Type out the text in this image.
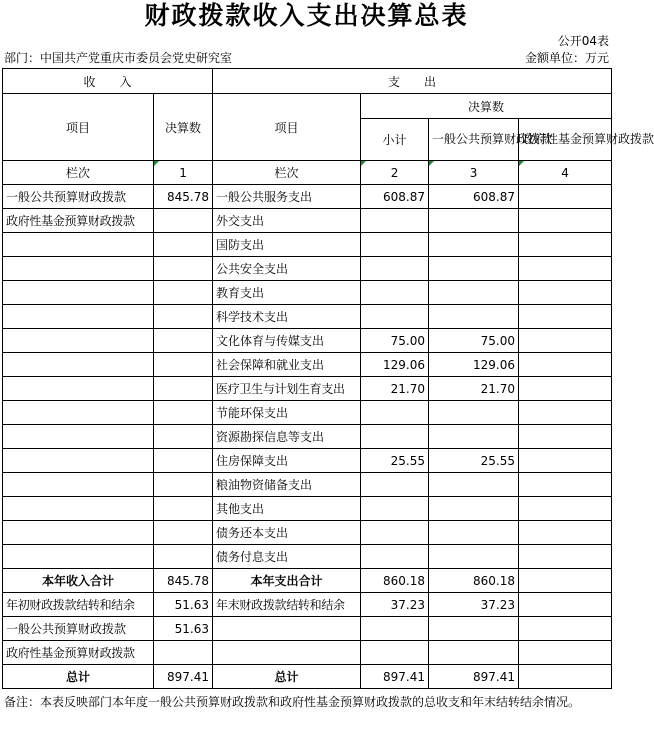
财政拨款收入支出决算总表
公开04表
部门：中国共产党重庆市委员会党史研究室	金额单位：万元
收　　入		支　　出			
项目	决算数	项目	决算数		
			小计	一般公共预算财政拨款	政府性基金预算财政拨款
栏次	1	栏次	2	3	4
一般公共预算财政拨款	845.78	一般公共服务支出	608.87	608.87	
政府性基金预算财政拨款		外交支出			
		国防支出			
		公共安全支出			
		教育支出			
		科学技术支出			
		文化体育与传媒支出	75.00	75.00	
		社会保障和就业支出	129.06	129.06	
		医疗卫生与计划生育支出	21.70	21.70	
		节能环保支出			
		资源勘探信息等支出			
		住房保障支出	25.55	25.55	
		粮油物资储备支出			
		其他支出			
		债务还本支出			
		债务付息支出			
本年收入合计	845.78	本年支出合计	860.18	860.18	
年初财政拨款结转和结余	51.63	年末财政拨款结转和结余	37.23	37.23	
一般公共预算财政拨款	51.63				
政府性基金预算财政拨款					
总计	897.41	总计	897.41	897.41	
备注：本表反映部门本年度一般公共预算财政拨款和政府性基金预算财政拨款的总收支和年末结转结余情况。
